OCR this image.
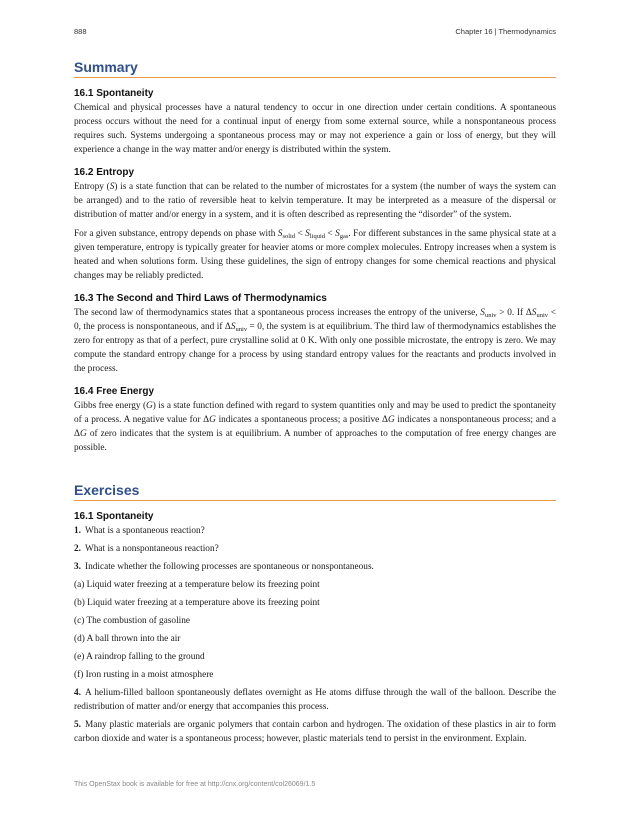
888	Chapter 16 | Thermodynamics
Summary
16.1 Spontaneity

Chemical and physical processes have a natural tendency to occur in one direction under certain conditions. A spontaneous process occurs without the need for a continual input of energy from some external source, while a nonspontaneous process requires such. Systems undergoing a spontaneous process may or may not experience a gain or loss of energy, but they will experience a change in the way matter and/or energy is distributed within the system.

16.2 Entropy

Entropy (S) is a state function that can be related to the number of microstates for a system (the number of ways the system can be arranged) and to the ratio of reversible heat to kelvin temperature. It may be interpreted as a measure of the dispersal or distribution of matter and/or energy in a system, and it is often described as representing the “disorder” of the system.

For a given substance, entropy depends on phase with $S_{solid} < S_{liquid} < S_{gas}$. For different substances in the same physical state at a given temperature, entropy is typically greater for heavier atoms or more complex molecules. Entropy increases when a system is heated and when solutions form. Using these guidelines, the sign of entropy changes for some chemical reactions and physical changes may be reliably predicted.

16.3 The Second and Third Laws of Thermodynamics

The second law of thermodynamics states that a spontaneous process increases the entropy of the universe, $S_{univ} > 0$. If $\Delta S_{univ} < 0$, the process is nonspontaneous, and if $\Delta S_{univ} = 0$, the system is at equilibrium. The third law of thermodynamics establishes the zero for entropy as that of a perfect, pure crystalline solid at 0 K. With only one possible microstate, the entropy is zero. We may compute the standard entropy change for a process by using standard entropy values for the reactants and products involved in the process.

16.4 Free Energy

Gibbs free energy (G) is a state function defined with regard to system quantities only and may be used to predict the spontaneity of a process. A negative value for ΔG indicates a spontaneous process; a positive ΔG indicates a nonspontaneous process; and a ΔG of zero indicates that the system is at equilibrium. A number of approaches to the computation of free energy changes are possible.

Exercises
16.1 Spontaneity
1. What is a spontaneous reaction?
2. What is a nonspontaneous reaction?
3. Indicate whether the following processes are spontaneous or nonspontaneous.
(a) Liquid water freezing at a temperature below its freezing point
(b) Liquid water freezing at a temperature above its freezing point
(c) The combustion of gasoline
(d) A ball thrown into the air
(e) A raindrop falling to the ground
(f) Iron rusting in a moist atmosphere
4. A helium-filled balloon spontaneously deflates overnight as He atoms diffuse through the wall of the balloon. Describe the redistribution of matter and/or energy that accompanies this process.
5. Many plastic materials are organic polymers that contain carbon and hydrogen. The oxidation of these plastics in air to form carbon dioxide and water is a spontaneous process; however, plastic materials tend to persist in the environment. Explain.
This OpenStax book is available for free at http://cnx.org/content/col26069/1.5
